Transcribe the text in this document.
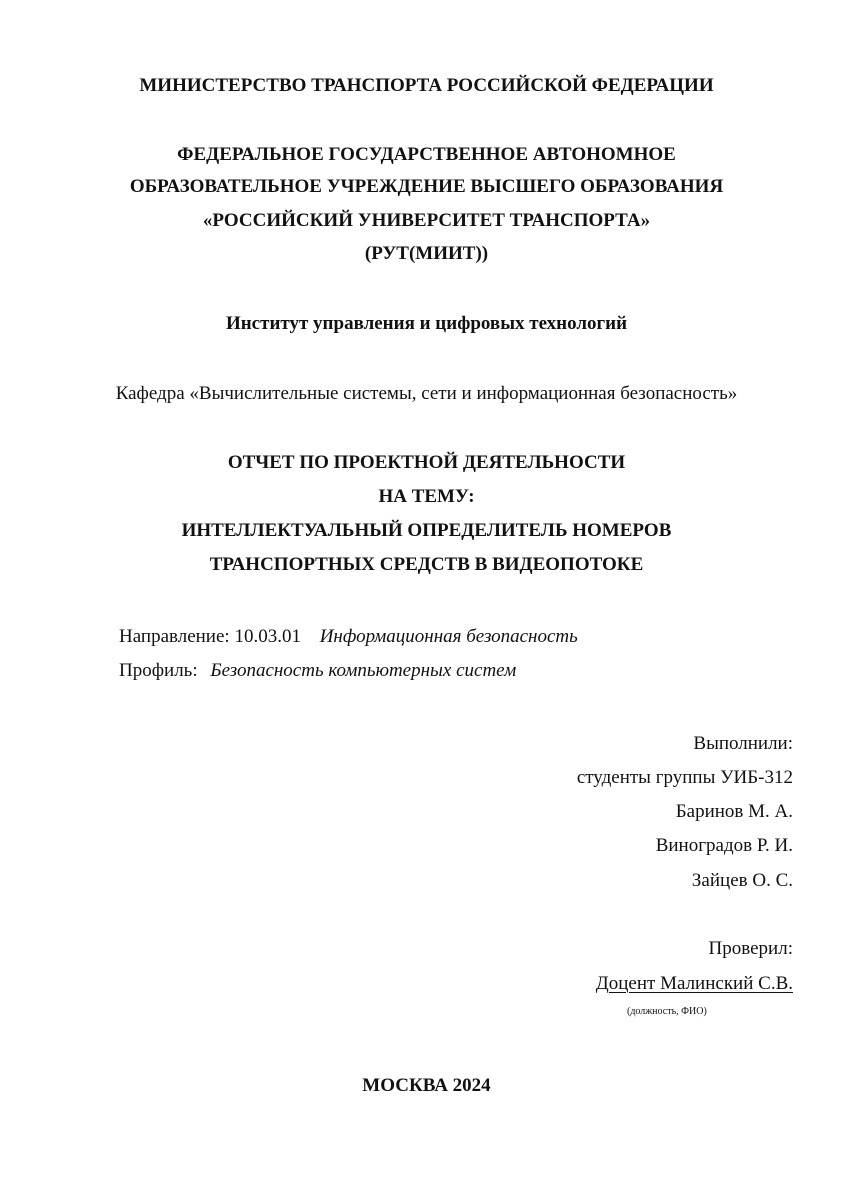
МИНИСТЕРСТВО ТРАНСПОРТА РОССИЙСКОЙ ФЕДЕРАЦИИ
ФЕДЕРАЛЬНОЕ ГОСУДАРСТВЕННОЕ АВТОНОМНОЕ
ОБРАЗОВАТЕЛЬНОЕ УЧРЕЖДЕНИЕ ВЫСШЕГО ОБРАЗОВАНИЯ
«РОССИЙСКИЙ УНИВЕРСИТЕТ ТРАНСПОРТА»
(РУТ(МИИТ))
Институт управления и цифровых технологий
Кафедра «Вычислительные системы, сети и информационная безопасность»
ОТЧЕТ ПО ПРОЕКТНОЙ ДЕЯТЕЛЬНОСТИ
НА ТЕМУ:
ИНТЕЛЛЕКТУАЛЬНЫЙ ОПРЕДЕЛИТЕЛЬ НОМЕРОВ
ТРАНСПОРТНЫХ СРЕДСТВ В ВИДЕОПОТОКЕ
Направление: 10.03.01 Информационная безопасность
Профиль: Безопасность компьютерных систем
Выполнили:
студенты группы УИБ-312
Баринов М. А.
Виноградов Р. И.
Зайцев О. С.
Проверил:
Доцент Малинский С.В.
(должность, ФИО)
МОСКВА 2024
